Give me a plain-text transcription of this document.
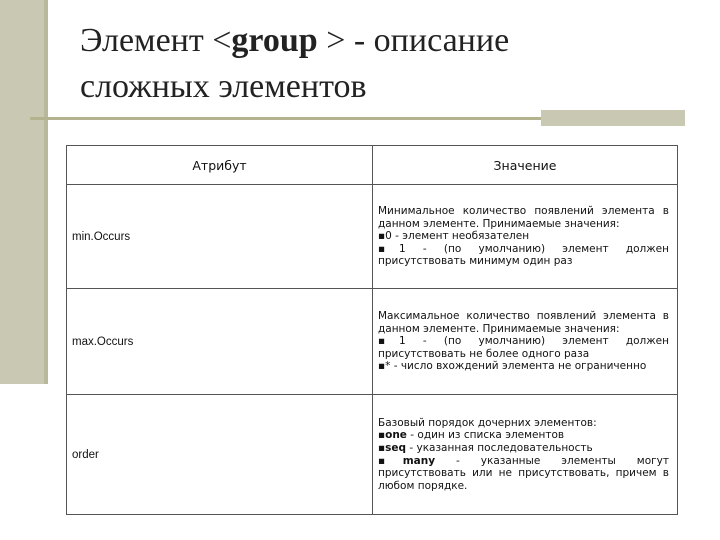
Элемент <group > - описание
сложных элементов
Атрибут	Значение
min.Occurs	Минимальное количество появлений элемента в данном элементе. Принимаемые значения:
▪0 - элемент необязателен
▪1 - (по умолчанию) элемент должен присутствовать минимум один раз

max.Occurs	Максимальное количество появлений элемента в данном элементе. Принимаемые значения:
▪1 - (по умолчанию) элемент должен присутствовать не более одного раза
▪* - число вхождений элемента не ограниченно

order	Базовый порядок дочерних элементов:
▪one - один из списка элементов
▪seq - указанная последовательность
▪many - указанные элементы могут присутствовать или не присутствовать, причем в любом порядке.
